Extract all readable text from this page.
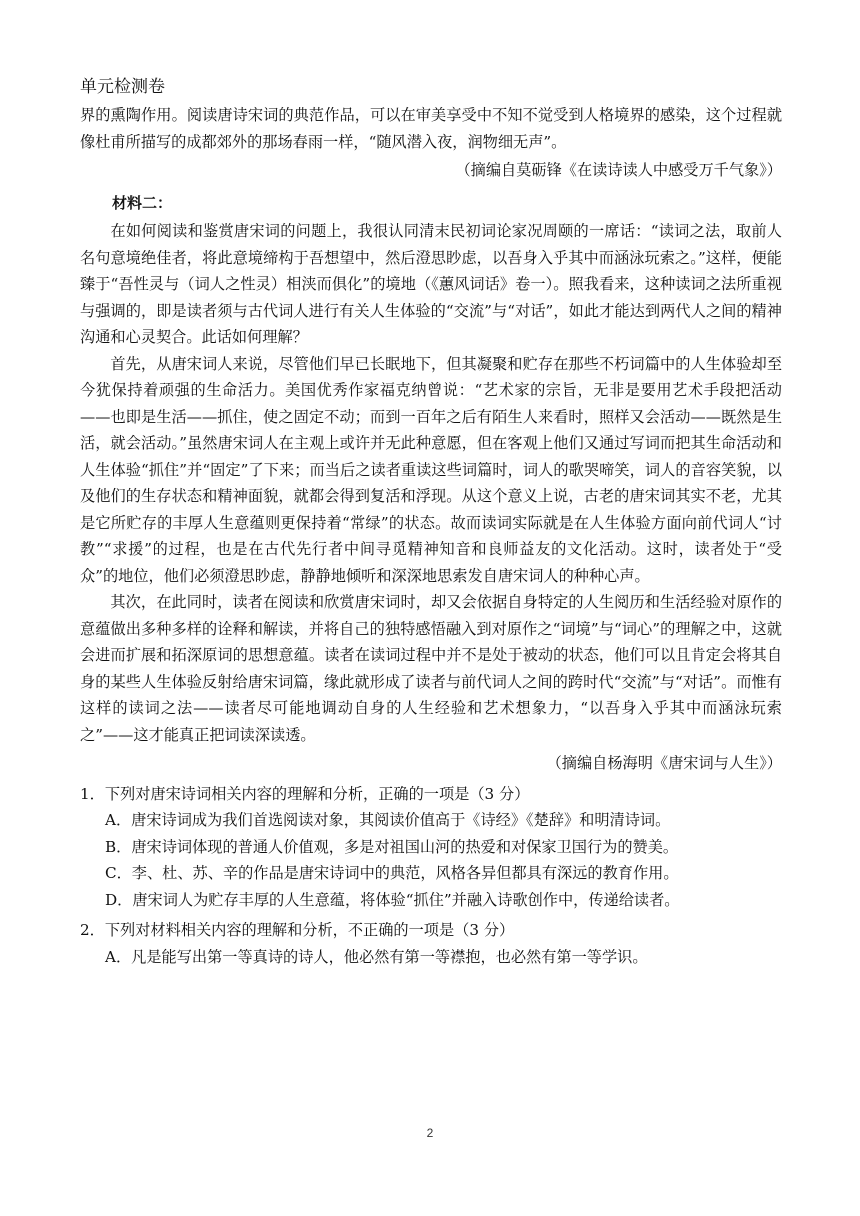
单元检测卷

界的熏陶作用。阅读唐诗宋词的典范作品，可以在审美享受中不知不觉受到人格境界的感染，这个过程就像杜甫所描写的成都郊外的那场春雨一样，“随风潜入夜，润物细无声”。

（摘编自莫砺锋《在读诗读人中感受万千气象》）

材料二：

在如何阅读和鉴赏唐宋词的问题上，我很认同清末民初词论家况周颐的一席话：“读词之法，取前人名句意境绝佳者，将此意境缔构于吾想望中，然后澄思眇虑，以吾身入乎其中而涵泳玩索之。”这样，便能臻于“吾性灵与（词人之性灵）相浃而俱化”的境地（《蕙风词话》卷一）。照我看来，这种读词之法所重视与强调的，即是读者须与古代词人进行有关人生体验的“交流”与“对话”，如此才能达到两代人之间的精神沟通和心灵契合。此话如何理解？

首先，从唐宋词人来说，尽管他们早已长眠地下，但其凝聚和贮存在那些不朽词篇中的人生体验却至今犹保持着顽强的生命活力。美国优秀作家福克纳曾说：“艺术家的宗旨，无非是要用艺术手段把活动——也即是生活——抓住，使之固定不动；而到一百年之后有陌生人来看时，照样又会活动——既然是生活，就会活动。”虽然唐宋词人在主观上或许并无此种意愿，但在客观上他们又通过写词而把其生命活动和人生体验“抓住”并“固定”了下来；而当后之读者重读这些词篇时，词人的歌哭啼笑，词人的音容笑貌，以及他们的生存状态和精神面貌，就都会得到复活和浮现。从这个意义上说，古老的唐宋词其实不老，尤其是它所贮存的丰厚人生意蕴则更保持着“常绿”的状态。故而读词实际就是在人生体验方面向前代词人“讨教”“求援”的过程，也是在古代先行者中间寻觅精神知音和良师益友的文化活动。这时，读者处于“受众”的地位，他们必须澄思眇虑，静静地倾听和深深地思索发自唐宋词人的种种心声。

其次，在此同时，读者在阅读和欣赏唐宋词时，却又会依据自身特定的人生阅历和生活经验对原作的意蕴做出多种多样的诠释和解读，并将自己的独特感悟融入到对原作之“词境”与“词心”的理解之中，这就会进而扩展和拓深原词的思想意蕴。读者在读词过程中并不是处于被动的状态，他们可以且肯定会将其自身的某些人生体验反射给唐宋词篇，缘此就形成了读者与前代词人之间的跨时代“交流”与“对话”。而惟有这样的读词之法——读者尽可能地调动自身的人生经验和艺术想象力，“以吾身入乎其中而涵泳玩索之”——这才能真正把词读深读透。

（摘编自杨海明《唐宋词与人生》）

1．下列对唐宋诗词相关内容的理解和分析，正确的一项是（3 分）

A．唐宋诗词成为我们首选阅读对象，其阅读价值高于《诗经》《楚辞》和明清诗词。

B．唐宋诗词体现的普通人价值观，多是对祖国山河的热爱和对保家卫国行为的赞美。

C．李、杜、苏、辛的作品是唐宋诗词中的典范，风格各异但都具有深远的教育作用。

D．唐宋词人为贮存丰厚的人生意蕴，将体验“抓住”并融入诗歌创作中，传递给读者。

2．下列对材料相关内容的理解和分析，不正确的一项是（3 分）

A．凡是能写出第一等真诗的诗人，他必然有第一等襟抱，也必然有第一等学识。

2
